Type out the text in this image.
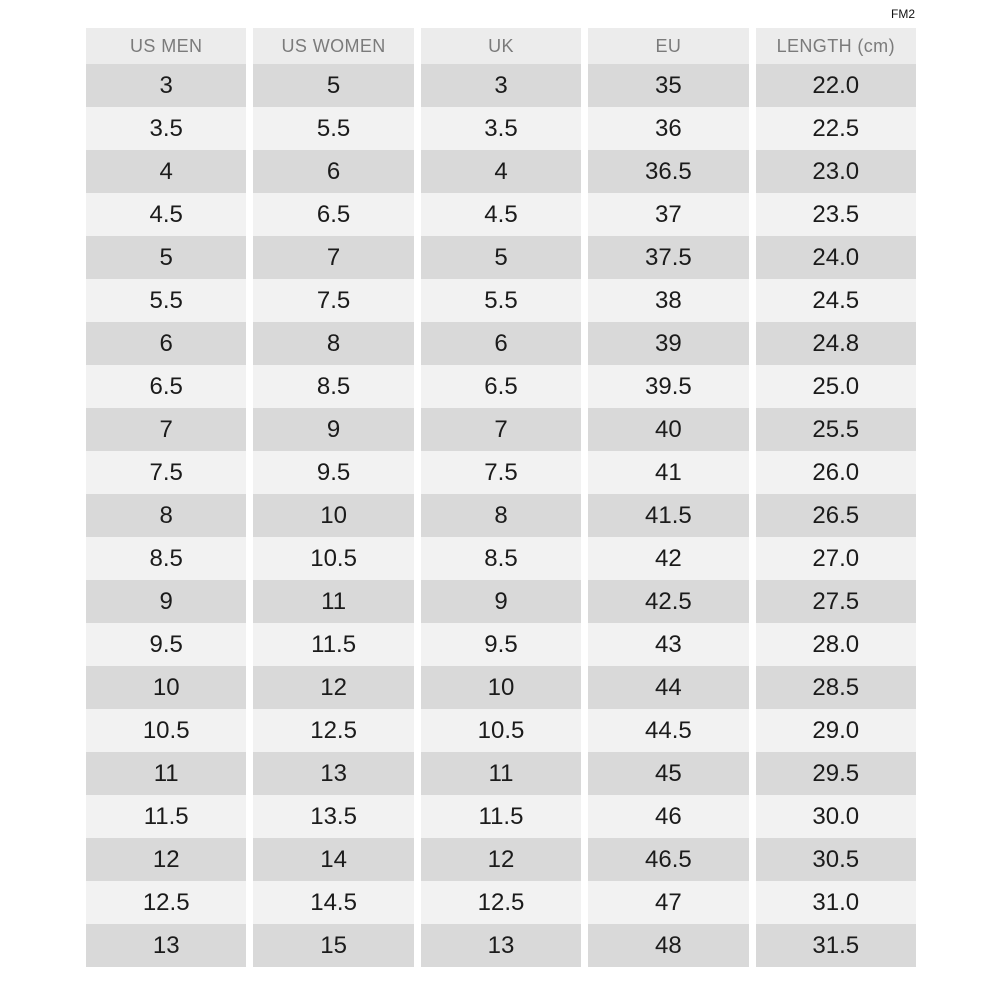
FM2
US MEN	US WOMEN	UK	EU	LENGTH (cm)
3	5	3	35	22.0
3.5	5.5	3.5	36	22.5
4	6	4	36.5	23.0
4.5	6.5	4.5	37	23.5
5	7	5	37.5	24.0
5.5	7.5	5.5	38	24.5
6	8	6	39	24.8
6.5	8.5	6.5	39.5	25.0
7	9	7	40	25.5
7.5	9.5	7.5	41	26.0
8	10	8	41.5	26.5
8.5	10.5	8.5	42	27.0
9	11	9	42.5	27.5
9.5	11.5	9.5	43	28.0
10	12	10	44	28.5
10.5	12.5	10.5	44.5	29.0
11	13	11	45	29.5
11.5	13.5	11.5	46	30.0
12	14	12	46.5	30.5
12.5	14.5	12.5	47	31.0
13	15	13	48	31.5
